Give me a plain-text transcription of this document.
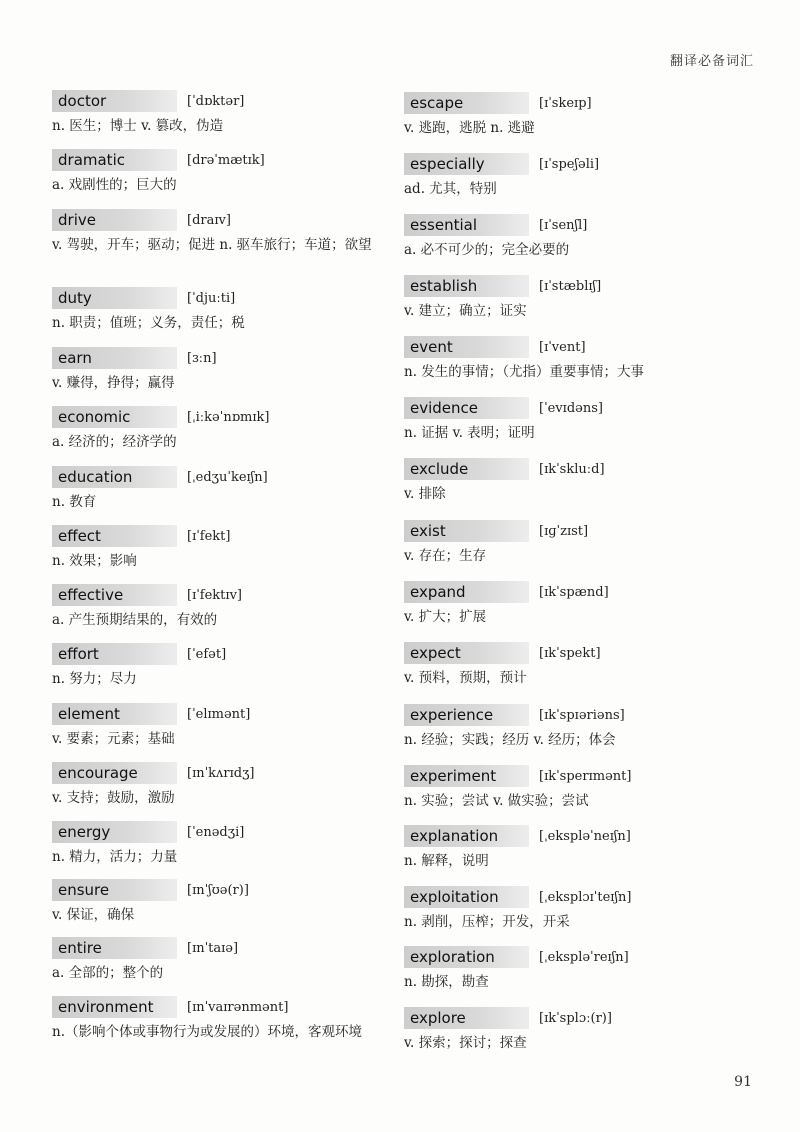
翻译必备词汇
doctor	[ˈdɒktər]
n. 医生；博士 v. 篡改，伪造
dramatic	[drəˈmætɪk]
a. 戏剧性的；巨大的
drive	[draɪv]
v. 驾驶，开车；驱动；促进 n. 驱车旅行；车道；欲望
duty	[ˈdjuːti]
n. 职责；值班；义务，责任；税
earn	[ɜːn]
v. 赚得，挣得；赢得
economic	[ˌiːkəˈnɒmɪk]
a. 经济的；经济学的
education	[ˌedʒuˈkeɪʃn]
n. 教育
effect	[ɪˈfekt]
n. 效果；影响
effective	[ɪˈfektɪv]
a. 产生预期结果的，有效的
effort	[ˈefət]
n. 努力；尽力
element	[ˈelɪmənt]
v. 要素；元素；基础
encourage	[ɪnˈkʌrɪdʒ]
v. 支持；鼓励，激励
energy	[ˈenədʒi]
n. 精力，活力；力量
ensure	[ɪnˈʃʊə(r)]
v. 保证，确保
entire	[ɪnˈtaɪə]
a. 全部的；整个的
environment	[ɪnˈvaɪrənmənt]
n.（影响个体或事物行为或发展的）环境，客观环境
escape	[ɪˈskeɪp]
v. 逃跑，逃脱 n. 逃避
especially	[ɪˈspeʃəli]
ad. 尤其，特别
essential	[ɪˈsenʃl]
a. 必不可少的；完全必要的
establish	[ɪˈstæblɪʃ]
v. 建立；确立；证实
event	[ɪˈvent]
n. 发生的事情；（尤指）重要事情；大事
evidence	[ˈevɪdəns]
n. 证据 v. 表明；证明
exclude	[ɪkˈskluːd]
v. 排除
exist	[ɪɡˈzɪst]
v. 存在；生存
expand	[ɪkˈspænd]
v. 扩大；扩展
expect	[ɪkˈspekt]
v. 预料，预期，预计
experience	[ɪkˈspɪəriəns]
n. 经验；实践；经历 v. 经历；体会
experiment	[ɪkˈsperɪmənt]
n. 实验；尝试 v. 做实验；尝试
explanation	[ˌekspləˈneɪʃn]
n. 解释，说明
exploitation	[ˌeksplɔɪˈteɪʃn]
n. 剥削，压榨；开发，开采
exploration	[ˌekspləˈreɪʃn]
n. 勘探，勘查
explore	[ɪkˈsplɔː(r)]
v. 探索；探讨；探查
91
